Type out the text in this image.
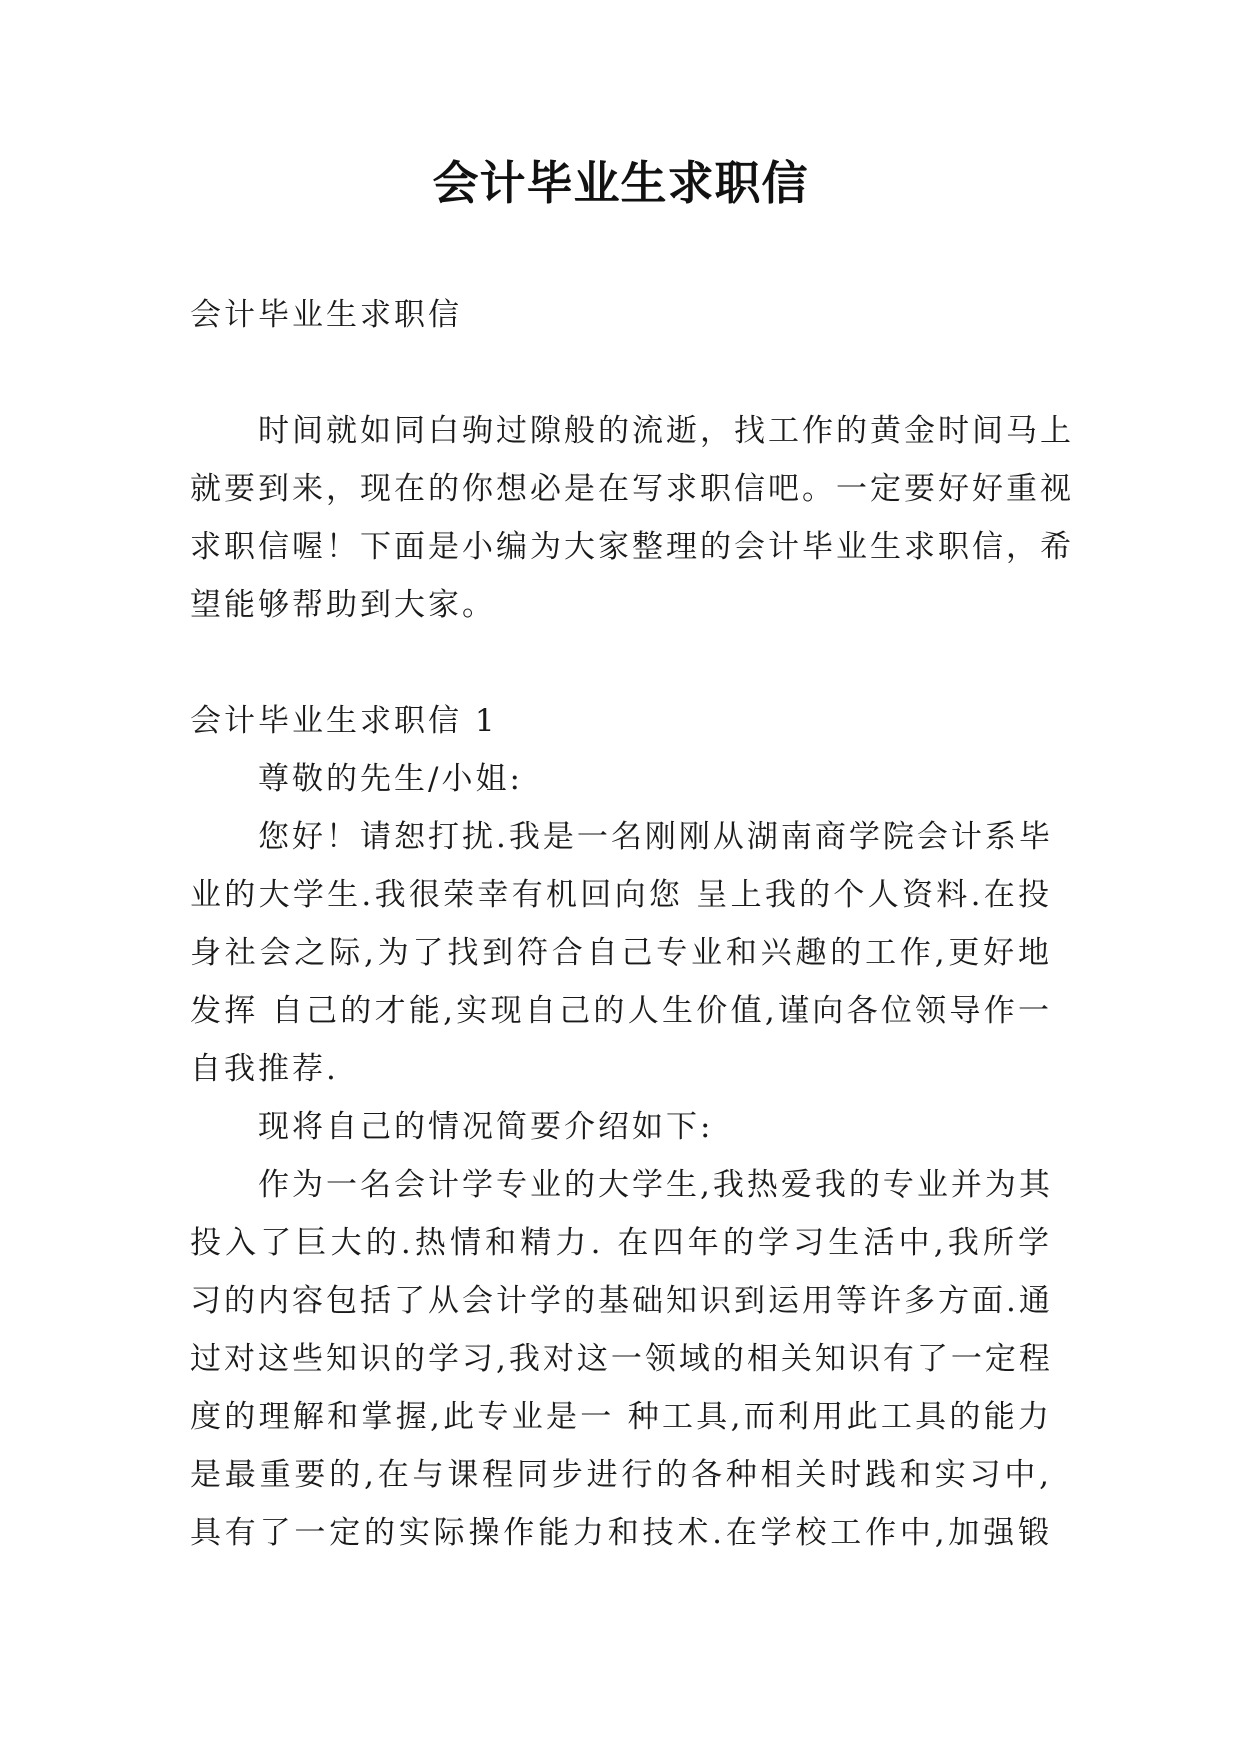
会计毕业生求职信
会计毕业生求职信
时间就如同白驹过隙般的流逝，找工作的黄金时间马上
就要到来，现在的你想必是在写求职信吧。一定要好好重视
求职信喔！下面是小编为大家整理的会计毕业生求职信，希
望能够帮助到大家。
会计毕业生求职信 1
尊敬的先生/小姐:
您好！请恕打扰.我是一名刚刚从湖南商学院会计系毕
业的大学生.我很荣幸有机回向您 呈上我的个人资料.在投
身社会之际,为了找到符合自己专业和兴趣的工作,更好地
发挥 自己的才能,实现自己的人生价值,谨向各位领导作一
自我推荐.
现将自己的情况简要介绍如下:
作为一名会计学专业的大学生,我热爱我的专业并为其
投入了巨大的.热情和精力. 在四年的学习生活中,我所学
习的内容包括了从会计学的基础知识到运用等许多方面.通
过对这些知识的学习,我对这一领域的相关知识有了一定程
度的理解和掌握,此专业是一 种工具,而利用此工具的能力
是最重要的,在与课程同步进行的各种相关时践和实习中,
具有了一定的实际操作能力和技术.在学校工作中,加强锻
